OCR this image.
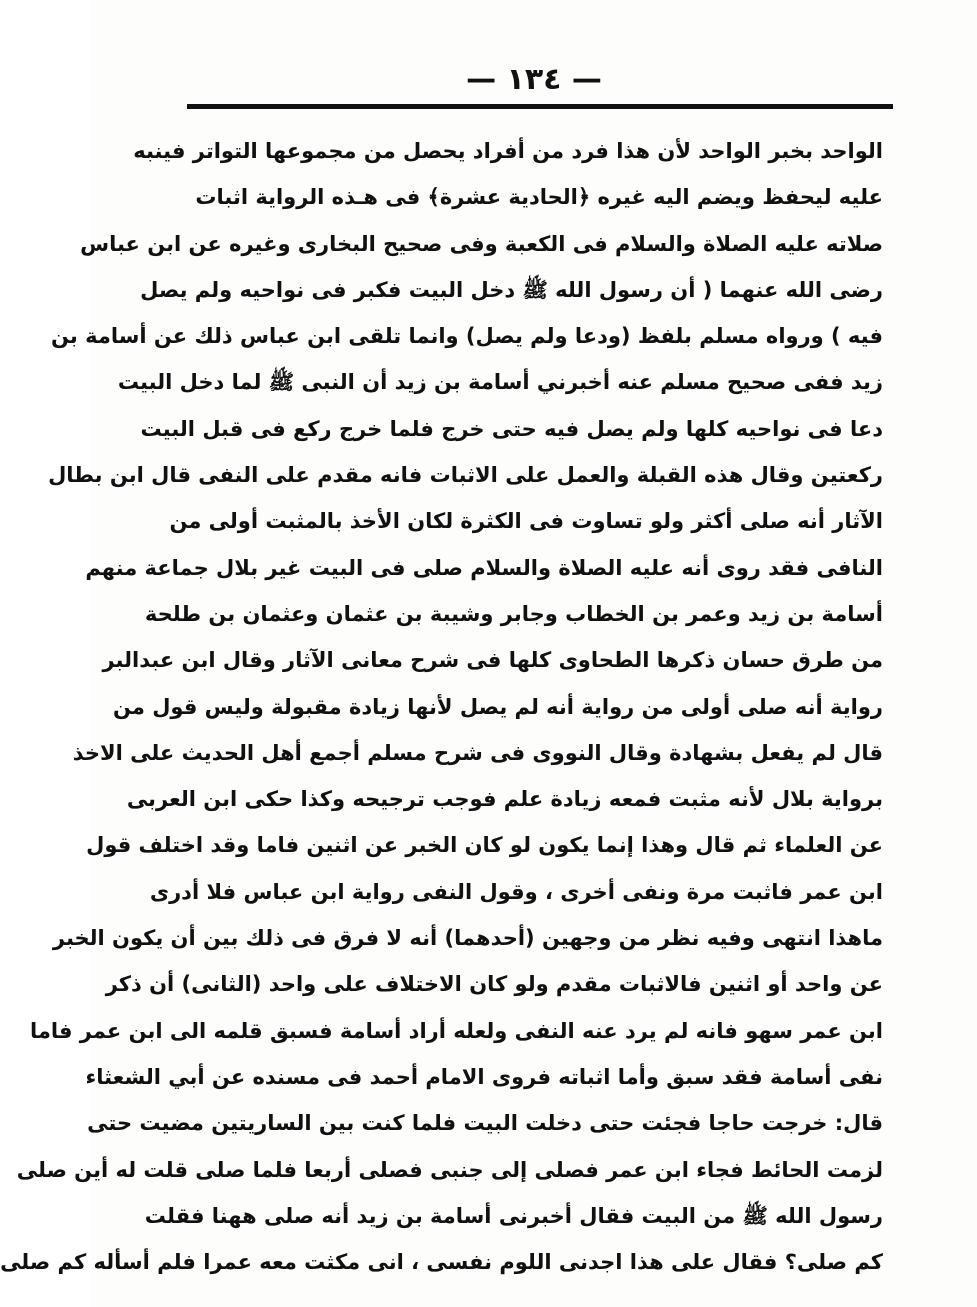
— ١٣٤ —
الواحد بخبر الواحد لأن هذا فرد من أفراد يحصل من مجموعها التواتر فينبه
عليه ليحفظ ويضم اليه غيره ﴿الحادية عشرة﴾ فى هـذه الرواية اثبات
صلاته عليه الصلاة والسلام فى الكعبة وفى صحيح البخارى وغيره عن ابن عباس
رضى الله عنهما ( أن رسول الله ﷺ دخل البيت فكبر فى نواحيه ولم يصل
فيه ) ورواه مسلم بلفظ (ودعا ولم يصل) وانما تلقى ابن عباس ذلك عن أسامة بن
زيد ففى صحيح مسلم عنه أخبرني أسامة بن زيد أن النبى ﷺ لما دخل البيت
دعا فى نواحيه كلها ولم يصل فيه حتى خرج فلما خرج ركع فى قبل البيت
ركعتين وقال هذه القبلة والعمل على الاثبات فانه مقدم على النفى قال ابن بطال
الآثار أنه صلى أكثر ولو تساوت فى الكثرة لكان الأخذ بالمثبت أولى من
النافى فقد روى أنه عليه الصلاة والسلام صلى فى البيت غير بلال جماعة منهم
أسامة بن زيد وعمر بن الخطاب وجابر وشيبة بن عثمان وعثمان بن طلحة
من طرق حسان ذكرها الطحاوى كلها فى شرح معانى الآثار وقال ابن عبدالبر
رواية أنه صلى أولى من رواية أنه لم يصل لأنها زيادة مقبولة وليس قول من
قال لم يفعل بشهادة وقال النووى فى شرح مسلم أجمع أهل الحديث على الاخذ
برواية بلال لأنه مثبت فمعه زيادة علم فوجب ترجيحه وكذا حكى ابن العربى
عن العلماء ثم قال وهذا إنما يكون لو كان الخبر عن اثنين فاما وقد اختلف قول
ابن عمر فاثبت مرة ونفى أخرى ، وقول النفى رواية ابن عباس فلا أدرى
ماهذا انتهى وفيه نظر من وجهين (أحدهما) أنه لا فرق فى ذلك بين أن يكون الخبر
عن واحد أو اثنين فالاثبات مقدم ولو كان الاختلاف على واحد (الثانى) أن ذكر
ابن عمر سهو فانه لم يرد عنه النفى ولعله أراد أسامة فسبق قلمه الى ابن عمر فاما
نفى أسامة فقد سبق وأما اثباته فروى الامام أحمد فى مسنده عن أبي الشعثاء
قال: خرجت حاجا فجئت حتى دخلت البيت فلما كنت بين الساريتين مضيت حتى
لزمت الحائط فجاء ابن عمر فصلى إلى جنبى فصلى أربعا فلما صلى قلت له أين صلى
رسول الله ﷺ من البيت فقال أخبرنى أسامة بن زيد أنه صلى ههنا فقلت
كم صلى؟ فقال على هذا اجدنى اللوم نفسى ، انى مكثت معه عمرا فلم أسأله كم صلى
